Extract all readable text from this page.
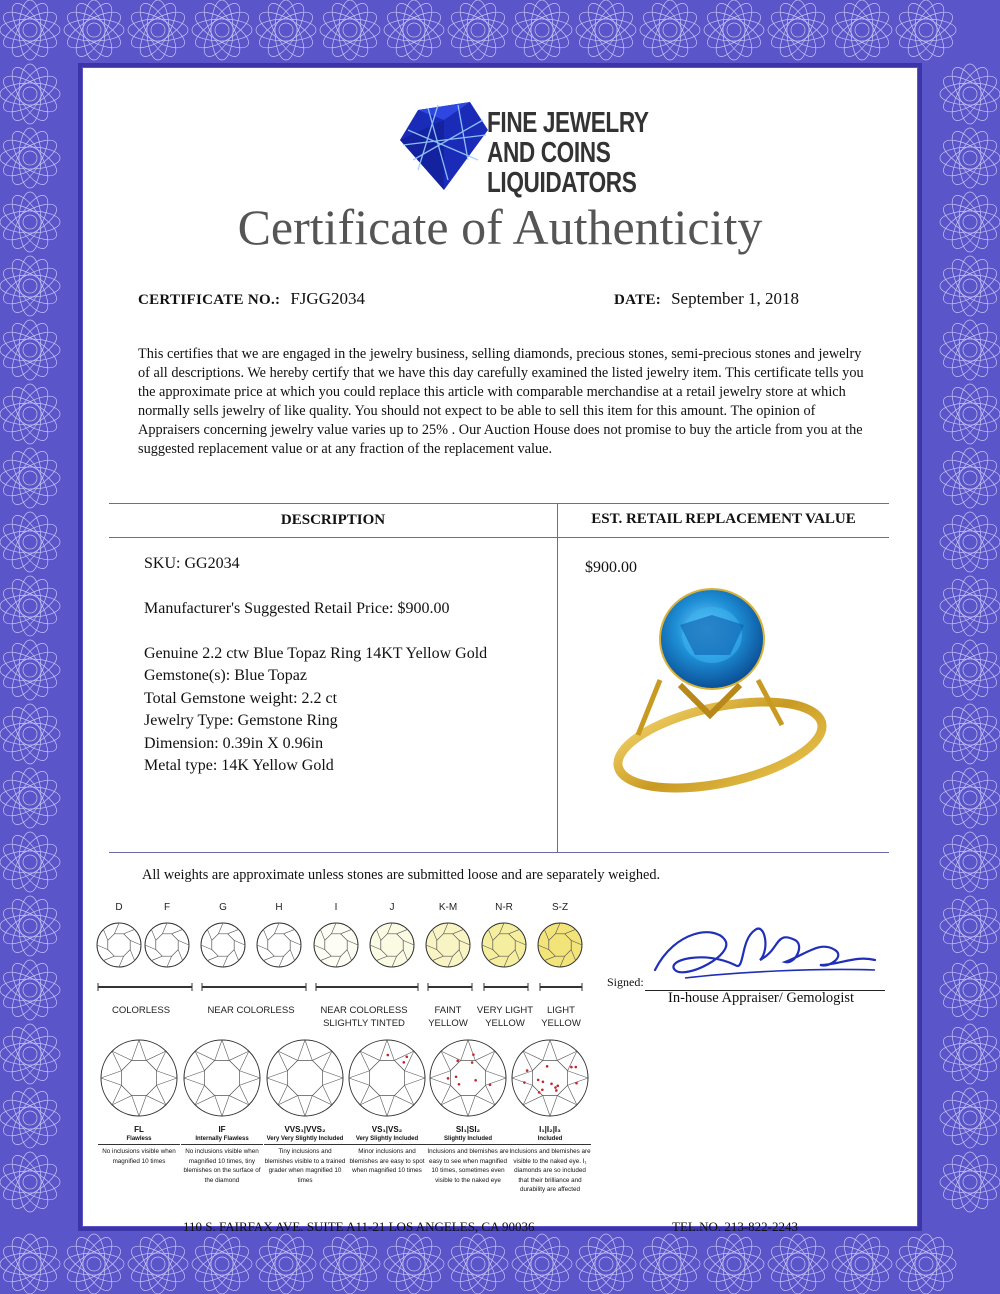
FINE JEWELRY
AND COINS
LIQUIDATORS
Certificate of Authenticity
CERTIFICATE NO.: FJGG2034	DATE: September 1, 2018
This certifies that we are engaged in the jewelry business, selling diamonds, precious stones, semi-precious stones and jewelry of all descriptions. We hereby certify that we have this day carefully examined the listed jewelry item. This certificate tells you the approximate price at which you could replace this article with comparable merchandise at a retail jewelry store at which normally sells jewelry of like quality. You should not expect to be able to sell this item for this amount. The opinion of Appraisers concerning jewelry value varies up to 25% . Our Auction House does not promise to buy the article from you at the suggested replacement value or at any fraction of the replacement value.
DESCRIPTION	EST. RETAIL REPLACEMENT VALUE
SKU: GG2034
Manufacturer's Suggested Retail Price: $900.00
Genuine 2.2 ctw Blue Topaz Ring 14KT Yellow Gold
Gemstone(s): Blue Topaz
Total Gemstone weight: 2.2 ct
Jewelry Type: Gemstone Ring
Dimension: 0.39in X 0.96in
Metal type: 14K Yellow Gold
$900.00
All weights are approximate unless stones are submitted loose and are separately weighed.
D	F	G	H	I	J	K-M	N-R	S-Z
COLORLESS	NEAR COLORLESS	NEAR COLORLESS
SLIGHTLY TINTED
FAINT
YELLOW
VERY LIGHT
YELLOW
LIGHT
YELLOW
FL
Flawless
No inclusions visible when magnified 10 times
IF
Internally Flawless
No inclusions visible when magnified 10 times, tiny blemishes on the surface of the diamond
VVS₁|VVS₂
Very Very Slightly Included
Tiny inclusions and blemishes visible to a trained grader when magnified 10 times
VS₁|VS₂
Very Slightly Included
Minor inclusions and blemishes are easy to spot when magnified 10 times
SI₁|SI₂
Slightly Included
Inclusions and blemishes are easy to see when magnified 10 times, sometimes even visible to the naked eye
I₁|I₂|I₃
Included
Inclusions and blemishes are visible to the naked eye. I₁ diamonds are so included that their brilliance and durability are affected
Signed:
In-house Appraiser/ Gemologist
110 S. FAIRFAX AVE. SUITE A11-21 LOS ANGELES, CA 90036	TEL.NO. 213-822-2243
